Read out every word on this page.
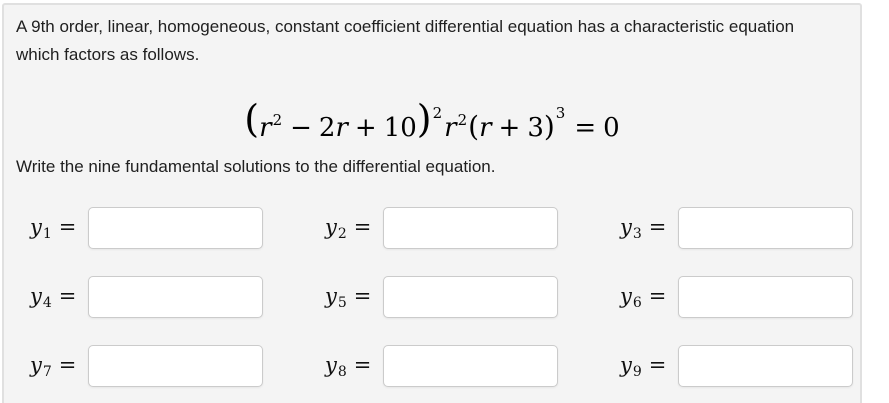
A 9th order, linear, homogeneous, constant coefficient differential equation has a characteristic equation which factors as follows.
$(r^2 - 2r + 10)^2r^2(r + 3)^3 = 0$
Write the nine fundamental solutions to the differential equation.
$y_1$ =	$y_2$ =	$y_3$ =
$y_4$ =	$y_5$ =	$y_6$ =
$y_7$ =	$y_8$ =	$y_9$ =
